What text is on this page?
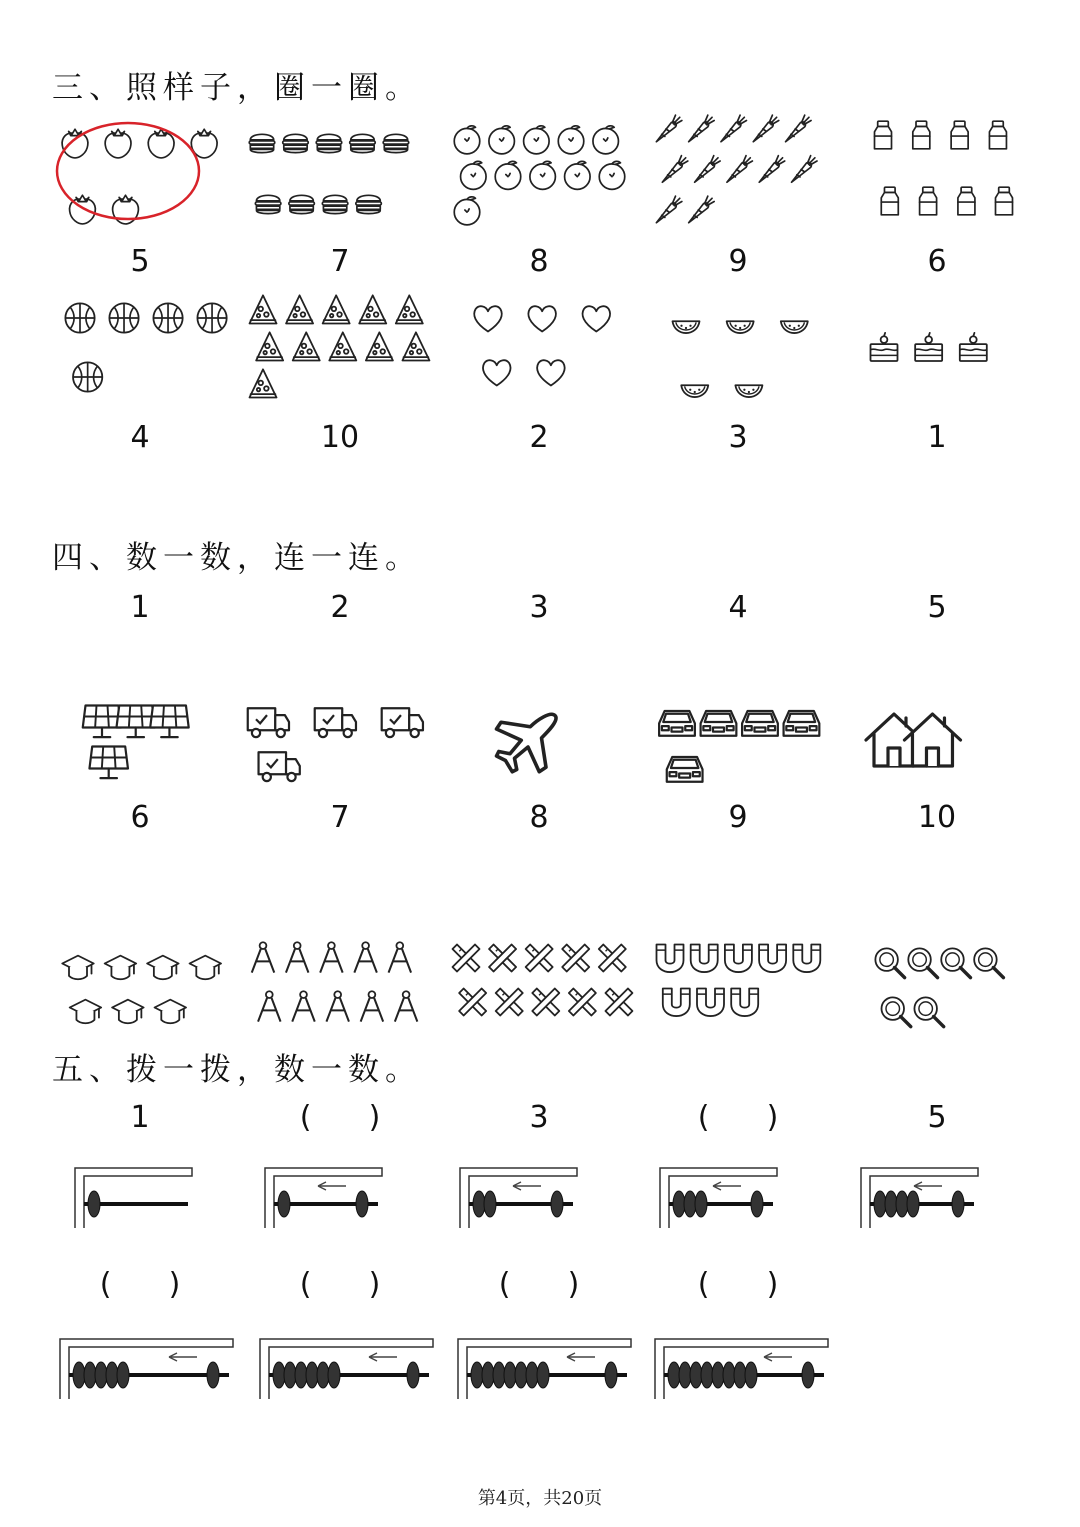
三、照样子，圈一圈。
5	7	8	9	6
4	10	2	3	1
四、数一数，连一连。
1	2	3	4	5
6	7	8	9	10
五、拨一拨，数一数。
1	(      )	3	(      )	5
(      )	(      )	(      )	(      )
第4页，共20页
